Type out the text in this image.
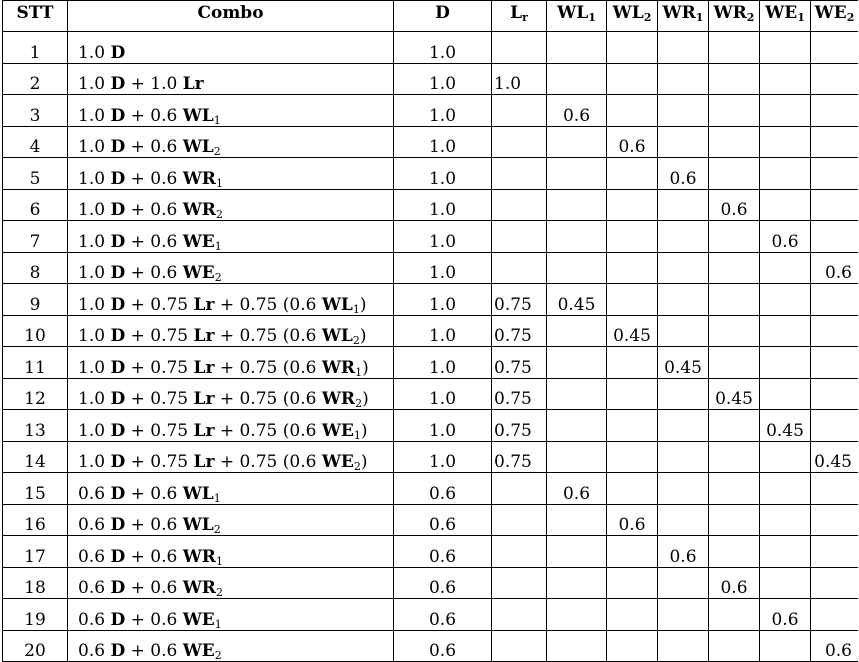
STT	Combo	D	$L_r$	$WL_1$	$WL_2$	$WR_1$	$WR_2$	$WE_1$	$WE_2$
1	1.0 D	1.0							
2	1.0 D + 1.0 Lr	1.0	1.0						
3	1.0 D + 0.6 $WL_1$	1.0		0.6					
4	1.0 D + 0.6 $WL_2$	1.0			0.6				
5	1.0 D + 0.6 $WR_1$	1.0				0.6			
6	1.0 D + 0.6 $WR_2$	1.0					0.6		
7	1.0 D + 0.6 $WE_1$	1.0						0.6	
8	1.0 D + 0.6 $WE_2$	1.0							0.6
9	1.0 D + 0.75 Lr + 0.75 (0.6 $WL_1$)	1.0	0.75	0.45					
10	1.0 D + 0.75 Lr + 0.75 (0.6 $WL_2$)	1.0	0.75		0.45				
11	1.0 D + 0.75 Lr + 0.75 (0.6 $WR_1$)	1.0	0.75			0.45			
12	1.0 D + 0.75 Lr + 0.75 (0.6 $WR_2$)	1.0	0.75				0.45		
13	1.0 D + 0.75 Lr + 0.75 (0.6 $WE_1$)	1.0	0.75					0.45	
14	1.0 D + 0.75 Lr + 0.75 (0.6 $WE_2$)	1.0	0.75						0.45
15	0.6 D + 0.6 $WL_1$	0.6		0.6					
16	0.6 D + 0.6 $WL_2$	0.6			0.6				
17	0.6 D + 0.6 $WR_1$	0.6				0.6			
18	0.6 D + 0.6 $WR_2$	0.6					0.6		
19	0.6 D + 0.6 $WE_1$	0.6						0.6	
20	0.6 D + 0.6 $WE_2$	0.6							0.6
